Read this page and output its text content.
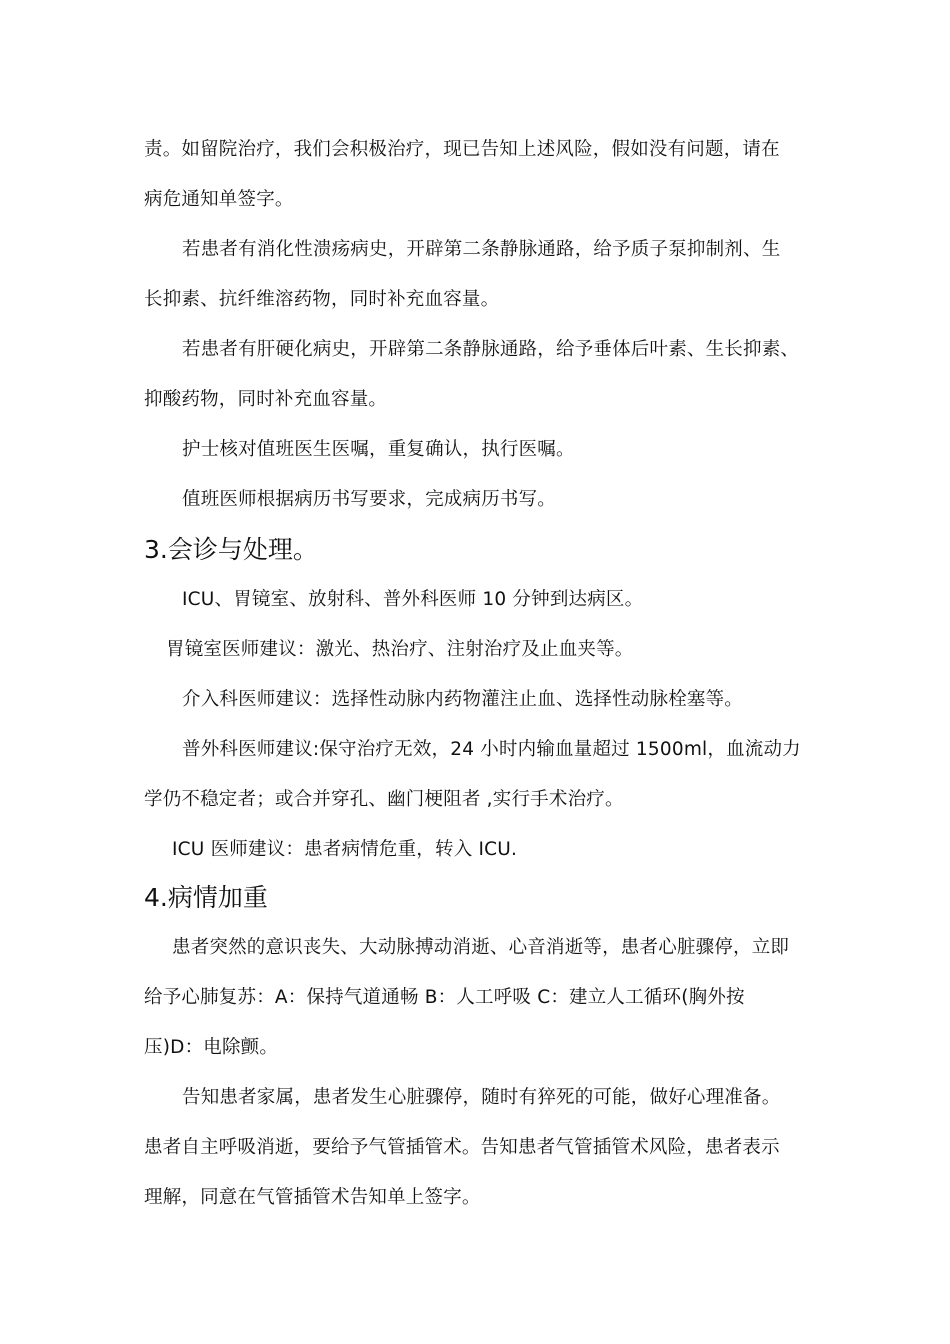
责。如留院治疗，我们会积极治疗，现已告知上述风险，假如没有问题，请在
病危通知单签字。
若患者有消化性溃疡病史，开辟第二条静脉通路，给予质子泵抑制剂、生
长抑素、抗纤维溶药物，同时补充血容量。
若患者有肝硬化病史，开辟第二条静脉通路，给予垂体后叶素、生长抑素、
抑酸药物，同时补充血容量。
护士核对值班医生医嘱，重复确认，执行医嘱。
值班医师根据病历书写要求，完成病历书写。
3.会诊与处理。
ICU、胃镜室、放射科、普外科医师 10 分钟到达病区。
胃镜室医师建议：激光、热治疗、注射治疗及止血夹等。
介入科医师建议：选择性动脉内药物灌注止血、选择性动脉栓塞等。
普外科医师建议:保守治疗无效，24 小时内输血量超过 1500ml，血流动力
学仍不稳定者；或合并穿孔、幽门梗阻者 ,实行手术治疗。
ICU 医师建议：患者病情危重，转入 ICU.
4.病情加重
患者突然的意识丧失、大动脉搏动消逝、心音消逝等，患者心脏骤停，立即
给予心肺复苏：A：保持气道通畅 B：人工呼吸 C：建立人工循环(胸外按
压)D：电除颤。
告知患者家属，患者发生心脏骤停，随时有猝死的可能，做好心理准备。
患者自主呼吸消逝，要给予气管插管术。告知患者气管插管术风险，患者表示
理解，同意在气管插管术告知单上签字。
